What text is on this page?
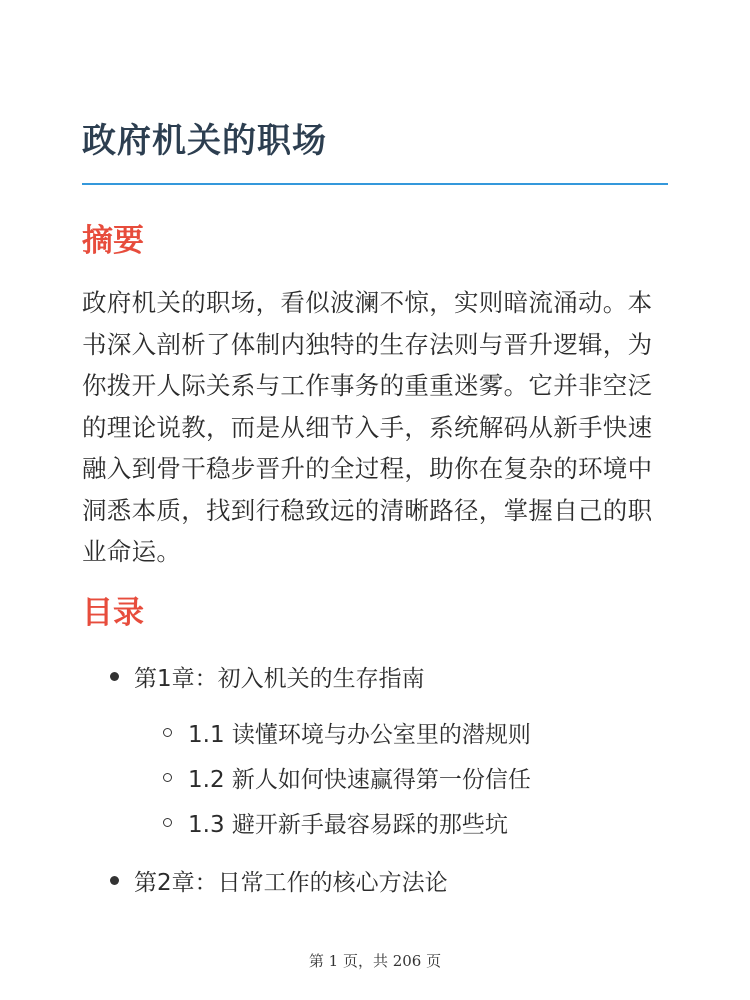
政府机关的职场
摘要

政府机关的职场，看似波澜不惊，实则暗流涌动。本书深入剖析了体制内独特的生存法则与晋升逻辑，为你拨开人际关系与工作事务的重重迷雾。它并非空泛的理论说教，而是从细节入手，系统解码从新手快速融入到骨干稳步晋升的全过程，助你在复杂的环境中洞悉本质，找到行稳致远的清晰路径，掌握自己的职业命运。

目录
第1章：初入机关的生存指南
1.1 读懂环境与办公室里的潜规则
1.2 新人如何快速赢得第一份信任
1.3 避开新手最容易踩的那些坑
第2章：日常工作的核心方法论
第 1 页，共 206 页
